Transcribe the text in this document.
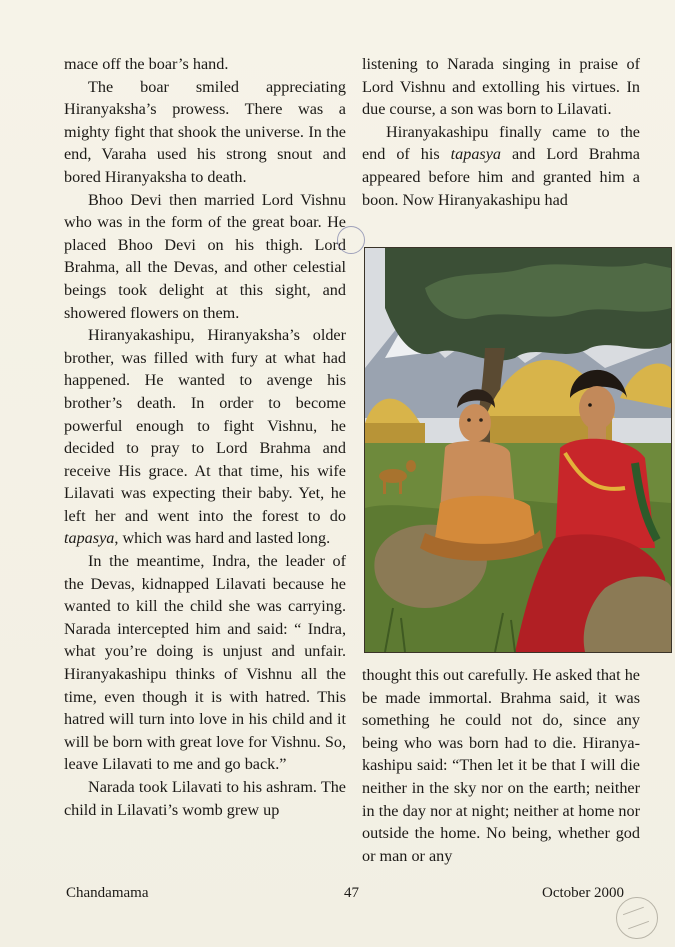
mace off the boar’s hand.

The boar smiled appreciating Hiranyaksha’s prowess. There was a mighty fight that shook the universe. In the end, Varaha used his strong snout and bored Hiranyaksha to death.

Bhoo Devi then married Lord Vishnu who was in the form of the great boar. He placed Bhoo Devi on his thigh. Lord Brahma, all the Devas, and other celestial beings took delight at this sight, and showered flowers on them.

Hiranyakashipu, Hiranyaksha’s older brother, was filled with fury at what had happened. He wanted to avenge his brother’s death. In order to become powerful enough to fight Vishnu, he decided to pray to Lord Brahma and receive His grace. At that time, his wife Lilavati was expecting their baby. Yet, he left her and went into the forest to do tapasya, which was hard and lasted long.

In the meantime, Indra, the leader of the Devas, kidnapped Lilavati because he wanted to kill the child she was carrying. Narada intercepted him and said: “ Indra, what you’re doing is unjust and unfair. Hiranyakashipu thinks of Vishnu all the time, even though it is with hatred. This hatred will turn into love in his child and it will be born with great love for Vishnu. So, leave Lilavati to me and go back.”

Narada took Lilavati to his ashram. The child in Lilavati’s womb grew up

listening to Narada singing in praise of Lord Vishnu and extolling his virtues. In due course, a son was born to Lilavati.

Hiranyakashipu finally came to the end of his tapasya and Lord Brahma appeared before him and granted him a boon. Now Hiranyakashipu had

thought this out carefully. He asked that he be made immortal. Brahma said, it was something he could not do, since any being who was born had to die. Hiranya- kashipu said: “Then let it be that I will die neither in the sky nor on the earth; neither in the day nor at night; neither at home nor outside the home. No being, whether god or man or any

Chandamama	47	October 2000
